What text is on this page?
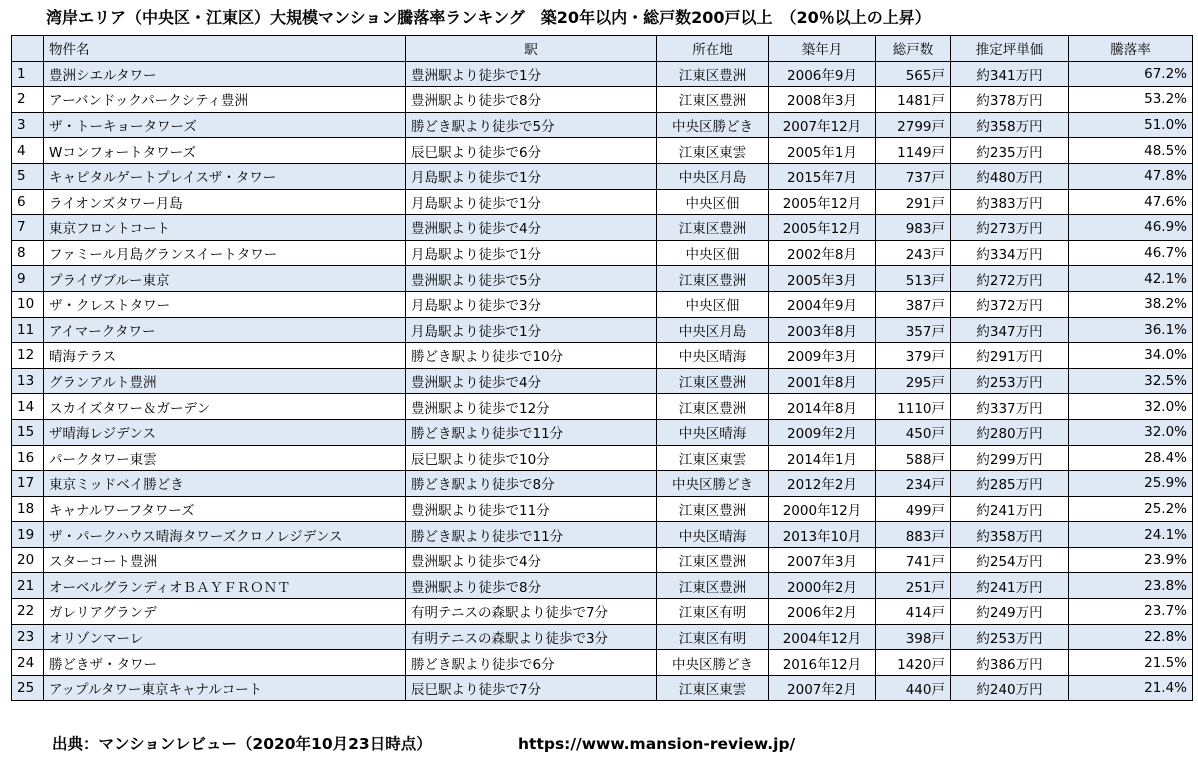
湾岸エリア（中央区・江東区）大規模マンション騰落率ランキング　築20年以内・総戸数200戸以上　（20％以上の上昇）
	物件名	駅	所在地	築年月	総戸数	推定坪単価	騰落率
1	豊洲シエルタワー	豊洲駅より徒歩で1分	江東区豊洲	2006年9月	565戸	約341万円	67.2%
2	アーバンドックパークシティ豊洲	豊洲駅より徒歩で8分	江東区豊洲	2008年3月	1481戸	約378万円	53.2%
3	ザ・トーキョータワーズ	勝どき駅より徒歩で5分	中央区勝どき	2007年12月	2799戸	約358万円	51.0%
4	Wコンフォートタワーズ	辰巳駅より徒歩で6分	江東区東雲	2005年1月	1149戸	約235万円	48.5%
5	キャピタルゲートプレイスザ・タワー	月島駅より徒歩で1分	中央区月島	2015年7月	737戸	約480万円	47.8%
6	ライオンズタワー月島	月島駅より徒歩で1分	中央区佃	2005年12月	291戸	約383万円	47.6%
7	東京フロントコート	豊洲駅より徒歩で4分	江東区豊洲	2005年12月	983戸	約273万円	46.9%
8	ファミール月島グランスイートタワー	月島駅より徒歩で1分	中央区佃	2002年8月	243戸	約334万円	46.7%
9	プライヴブルー東京	豊洲駅より徒歩で5分	江東区豊洲	2005年3月	513戸	約272万円	42.1%
10	ザ・クレストタワー	月島駅より徒歩で3分	中央区佃	2004年9月	387戸	約372万円	38.2%
11	アイマークタワー	月島駅より徒歩で1分	中央区月島	2003年8月	357戸	約347万円	36.1%
12	晴海テラス	勝どき駅より徒歩で10分	中央区晴海	2009年3月	379戸	約291万円	34.0%
13	グランアルト豊洲	豊洲駅より徒歩で4分	江東区豊洲	2001年8月	295戸	約253万円	32.5%
14	スカイズタワー＆ガーデン	豊洲駅より徒歩で12分	江東区豊洲	2014年8月	1110戸	約337万円	32.0%
15	ザ晴海レジデンス	勝どき駅より徒歩で11分	中央区晴海	2009年2月	450戸	約280万円	32.0%
16	パークタワー東雲	辰巳駅より徒歩で10分	江東区東雲	2014年1月	588戸	約299万円	28.4%
17	東京ミッドベイ勝どき	勝どき駅より徒歩で8分	中央区勝どき	2012年2月	234戸	約285万円	25.9%
18	キャナルワーフタワーズ	豊洲駅より徒歩で11分	江東区豊洲	2000年12月	499戸	約241万円	25.2%
19	ザ・パークハウス晴海タワーズクロノレジデンス	勝どき駅より徒歩で11分	中央区晴海	2013年10月	883戸	約358万円	24.1%
20	スターコート豊洲	豊洲駅より徒歩で4分	江東区豊洲	2007年3月	741戸	約254万円	23.9%
21	オーベルグランディオＢＡＹＦＲＯＮＴ	豊洲駅より徒歩で8分	江東区豊洲	2000年2月	251戸	約241万円	23.8%
22	ガレリアグランデ	有明テニスの森駅より徒歩で7分	江東区有明	2006年2月	414戸	約249万円	23.7%
23	オリゾンマーレ	有明テニスの森駅より徒歩で3分	江東区有明	2004年12月	398戸	約253万円	22.8%
24	勝どきザ・タワー	勝どき駅より徒歩で6分	中央区勝どき	2016年12月	1420戸	約386万円	21.5%
25	アップルタワー東京キャナルコート	辰巳駅より徒歩で7分	江東区東雲	2007年2月	440戸	約240万円	21.4%
出典：マンションレビュー（2020年10月23日時点）	https://www.mansion-review.jp/
